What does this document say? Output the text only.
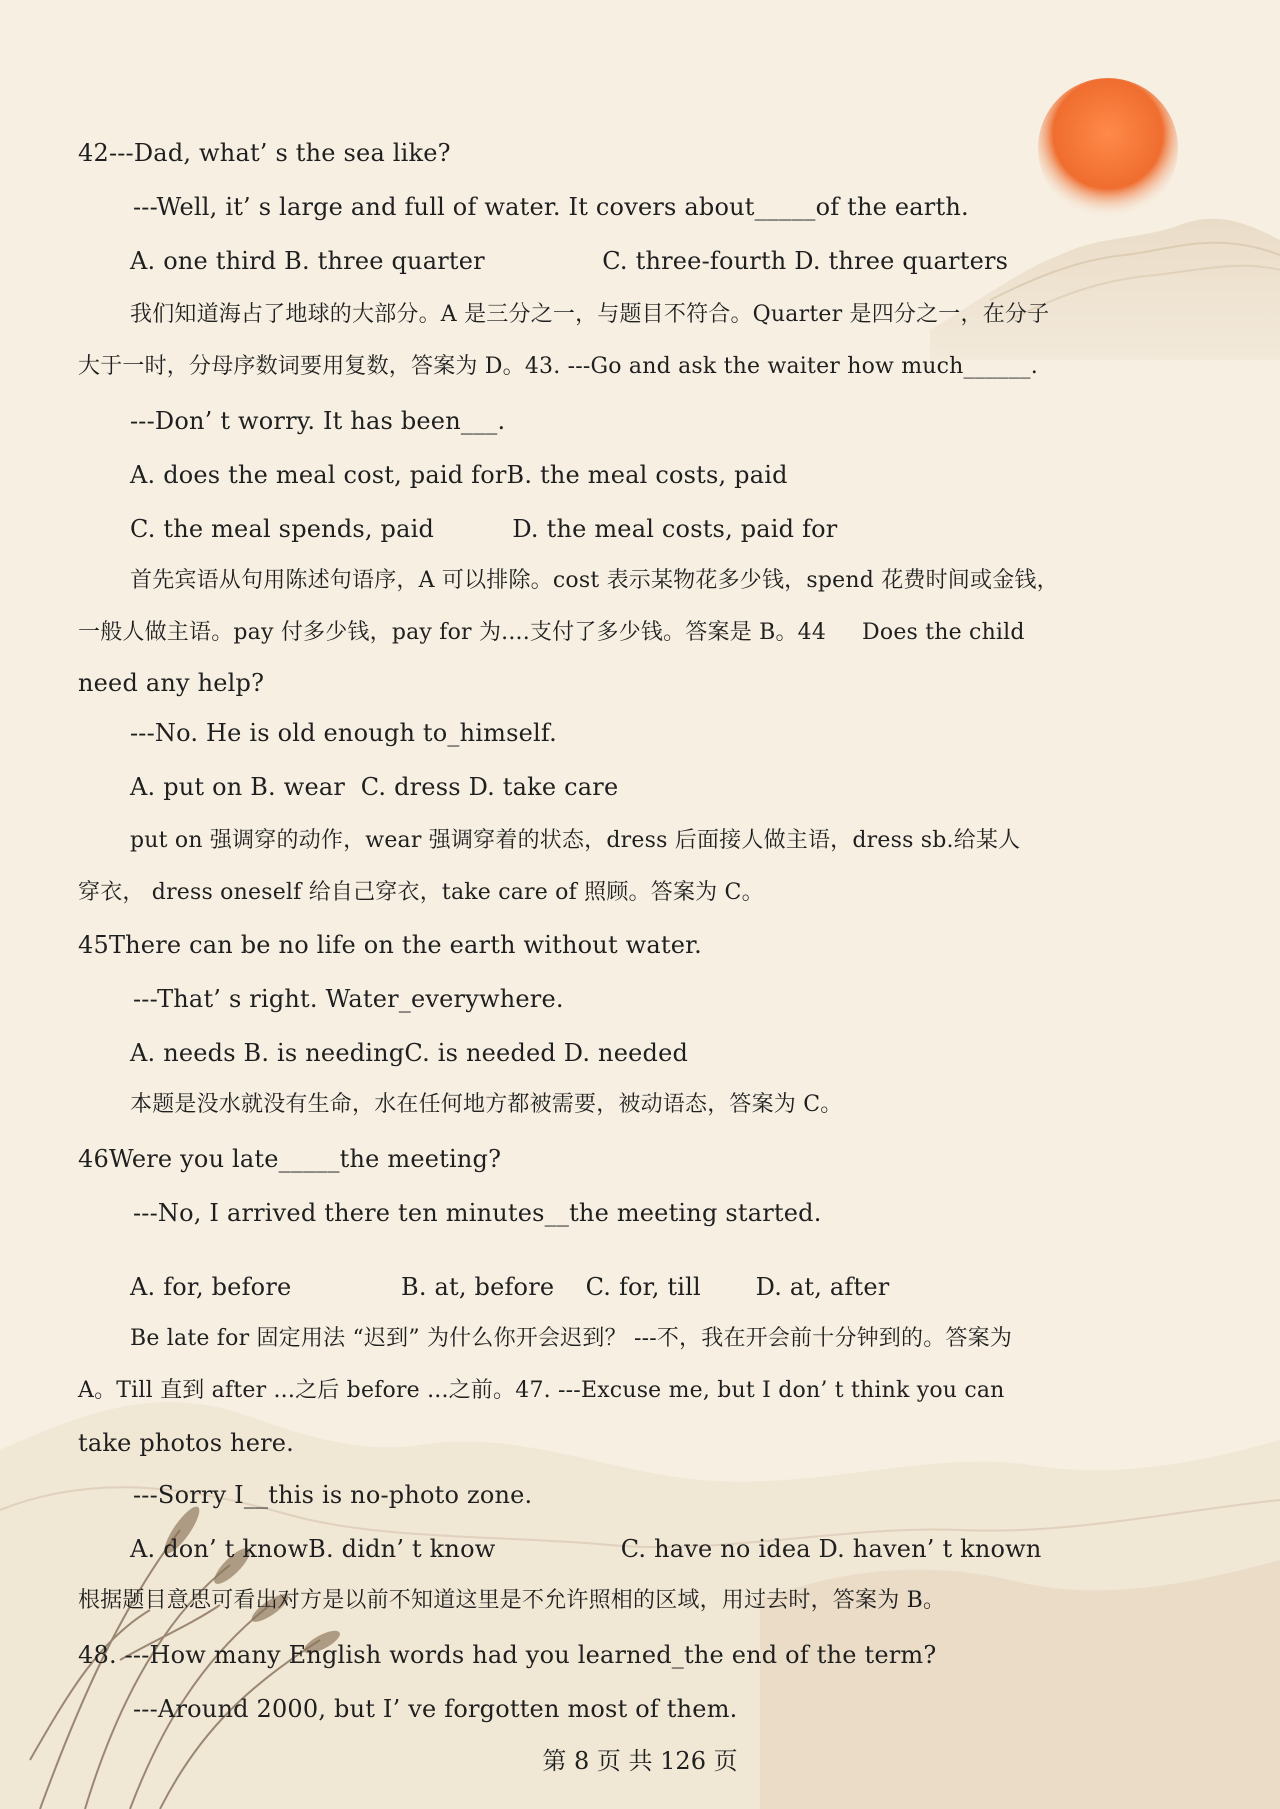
42---Dad, what’ s the sea like?
---Well, it’ s large and full of water. It covers about_____of the earth.
A. one third B. three quarter               C. three-fourth D. three quarters
我们知道海占了地球的大部分。A 是三分之一，与题目不符合。Quarter 是四分之一，在分子
大于一时，分母序数词要用复数，答案为 D。43. ---Go and ask the waiter how much______.
---Don’ t worry. It has been___.
A. does the meal cost, paid forB. the meal costs, paid
C. the meal spends, paid          D. the meal costs, paid for
首先宾语从句用陈述句语序，A 可以排除。cost 表示某物花多少钱，spend 花费时间或金钱，
一般人做主语。pay 付多少钱，pay for 为....支付了多少钱。答案是 B。44     Does the child
need any help?
---No. He is old enough to_himself.
A. put on B. wear  C. dress D. take care
put on 强调穿的动作，wear 强调穿着的状态，dress 后面接人做主语，dress sb.给某人
穿衣， dress oneself 给自己穿衣，take care of 照顾。答案为 C。
45There can be no life on the earth without water.
---That’ s right. Water_everywhere.
A. needs B. is needingC. is needed D. needed
本题是没水就没有生命，水在任何地方都被需要，被动语态，答案为 C。
46Were you late_____the meeting?
---No, I arrived there ten minutes__the meeting started.
A. for, before              B. at, before    C. for, till       D. at, after
Be late for 固定用法 “迟到” 为什么你开会迟到？ ---不，我在开会前十分钟到的。答案为
A。Till 直到 after ...之后 before ...之前。47. ---Excuse me, but I don’ t think you can
take photos here.
---Sorry I__this is no-photo zone.
A. don’ t knowB. didn’ t know                C. have no idea D. haven’ t known
根据题目意思可看出对方是以前不知道这里是不允许照相的区域，用过去时，答案为 B。
48. ---How many English words had you learned_the end of the term?
---Around 2000, but I’ ve forgotten most of them.
第 8 页 共 126 页
